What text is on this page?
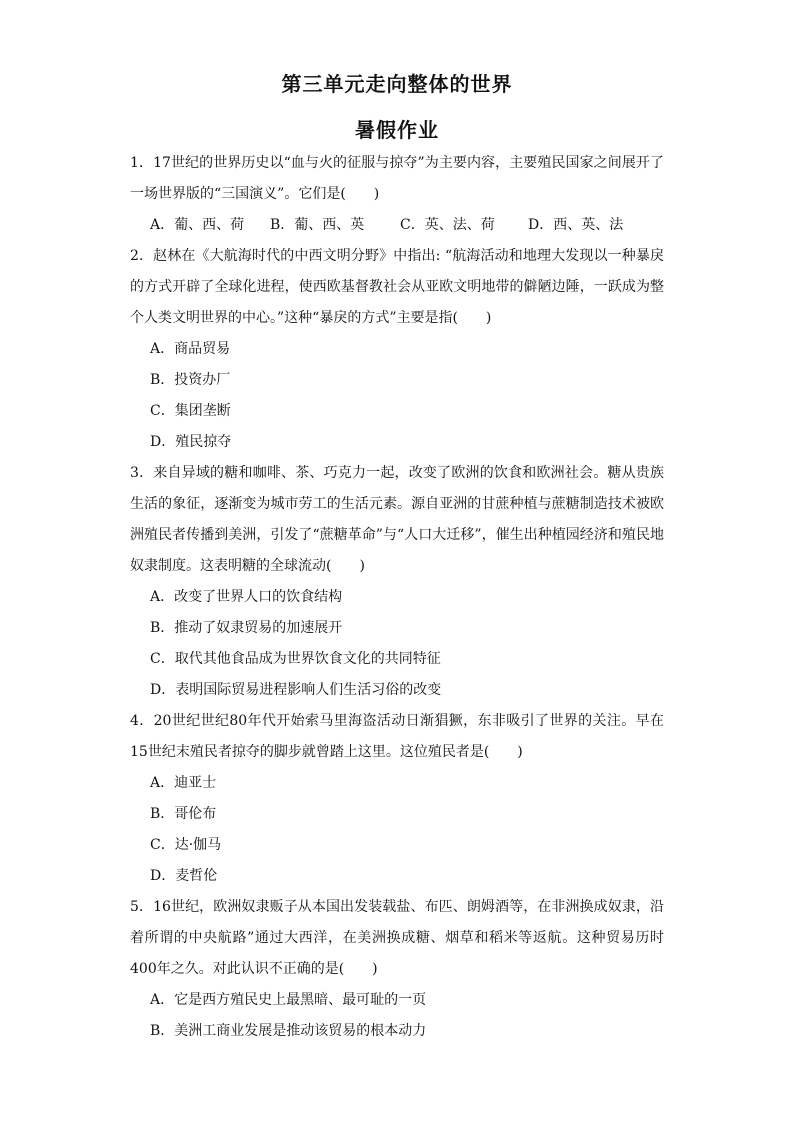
第三单元走向整体的世界
暑假作业

1．17世纪的世界历史以“血与火的征服与掠夺”为主要内容，主要殖民国家之间展开了一场世界版的“三国演义”。它们是(　　)

A．葡、西、荷 B．葡、西、英	C．英、法、荷 D．西、英、法

2．赵林在《大航海时代的中西文明分野》中指出: “航海活动和地理大发现以一种暴戾的方式开辟了全球化进程，使西欧基督教社会从亚欧文明地带的僻陋边陲，一跃成为整个人类文明世界的中心。”这种“暴戾的方式”主要是指(　　)

A．商品贸易

B．投资办厂

C．集团垄断

D．殖民掠夺

3．来自异域的糖和咖啡、茶、巧克力一起，改变了欧洲的饮食和欧洲社会。糖从贵族生活的象征，逐渐变为城市劳工的生活元素。源自亚洲的甘蔗种植与蔗糖制造技术被欧洲殖民者传播到美洲，引发了“蔗糖革命”与“人口大迁移”，催生出种植园经济和殖民地奴隶制度。这表明糖的全球流动(　　)

A．改变了世界人口的饮食结构

B．推动了奴隶贸易的加速展开

C．取代其他食品成为世界饮食文化的共同特征

D．表明国际贸易进程影响人们生活习俗的改变

4．20世纪世纪80年代开始索马里海盗活动日渐猖獗，东非吸引了世界的关注。早在15世纪末殖民者掠夺的脚步就曾踏上这里。这位殖民者是(　　)

A．迪亚士

B．哥伦布

C．达·伽马

D．麦哲伦

5．16世纪，欧洲奴隶贩子从本国出发装载盐、布匹、朗姆酒等，在非洲换成奴隶，沿着所谓的中央航路”通过大西洋，在美洲换成糖、烟草和稻米等返航。这种贸易历时400年之久。对此认识不正确的是(　　)

A．它是西方殖民史上最黑暗、最可耻的一页

B．美洲工商业发展是推动该贸易的根本动力
